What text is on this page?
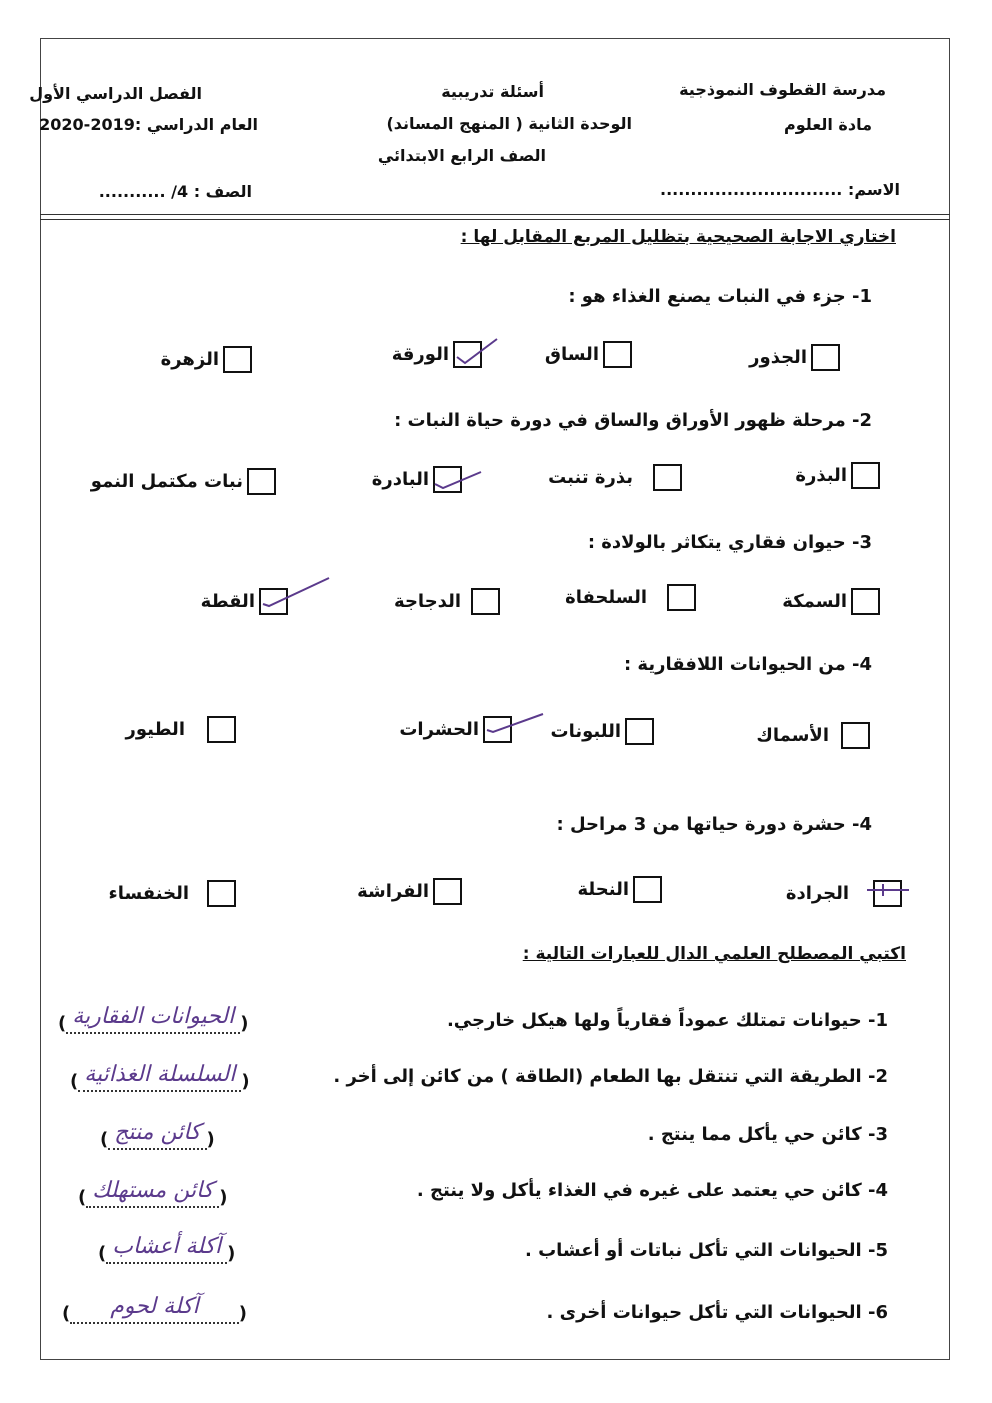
مدرسة القطوف النموذجية
مادة العلوم
أسئلة تدريبية
الوحدة الثانية ( المنهج المساند)
الصف الرابع الابتدائي
الفصل الدراسي الأول
العام الدراسي :2019-2020
الاسم: ..............................
الصف : 4/ ...........
اختاري الاجابة الصحيحية بتظليل المربع المقابل لها :
1- جزء في النبات يصنع الغذاء هو :
الجذور
الساق
الورقة
الزهرة
2- مرحلة ظهور الأوراق والساق في دورة حياة النبات :
البذرة
بذرة تنبت
البادرة
نبات مكتمل النمو
3- حيوان فقاري يتكاثر بالولادة :
السمكة
السلحفاة
الدجاجة
القطة
4- من الحيوانات اللافقارية :
الأسماك
اللبونات
الحشرات
الطيور
4- حشرة دورة حياتها من 3 مراحل :
الجرادة
النحلة
الفراشة
الخنفساء
اكتبي المصطلح العلمي الدال للعبارات التالية :
1- حيوانات تمتلك عموداً فقارياً ولها هيكل خارجي.
(
الحيوانات الفقارية
)
2- الطريقة التي تنتقل بها الطعام (الطاقة ) من كائن إلى أخر .
(
السلسلة الغذائية
)
3- كائن حي يأكل مما ينتج .
(
كائن منتج
)
4- كائن حي يعتمد على غيره في الغذاء يأكل ولا ينتج .
(
كائن مستهلك
)
5- الحيوانات التي تأكل نباتات أو أعشاب .
(
آكلة أعشاب
)
6- الحيوانات التي تأكل حيوانات أخرى .
(
آكلة لحوم
)
